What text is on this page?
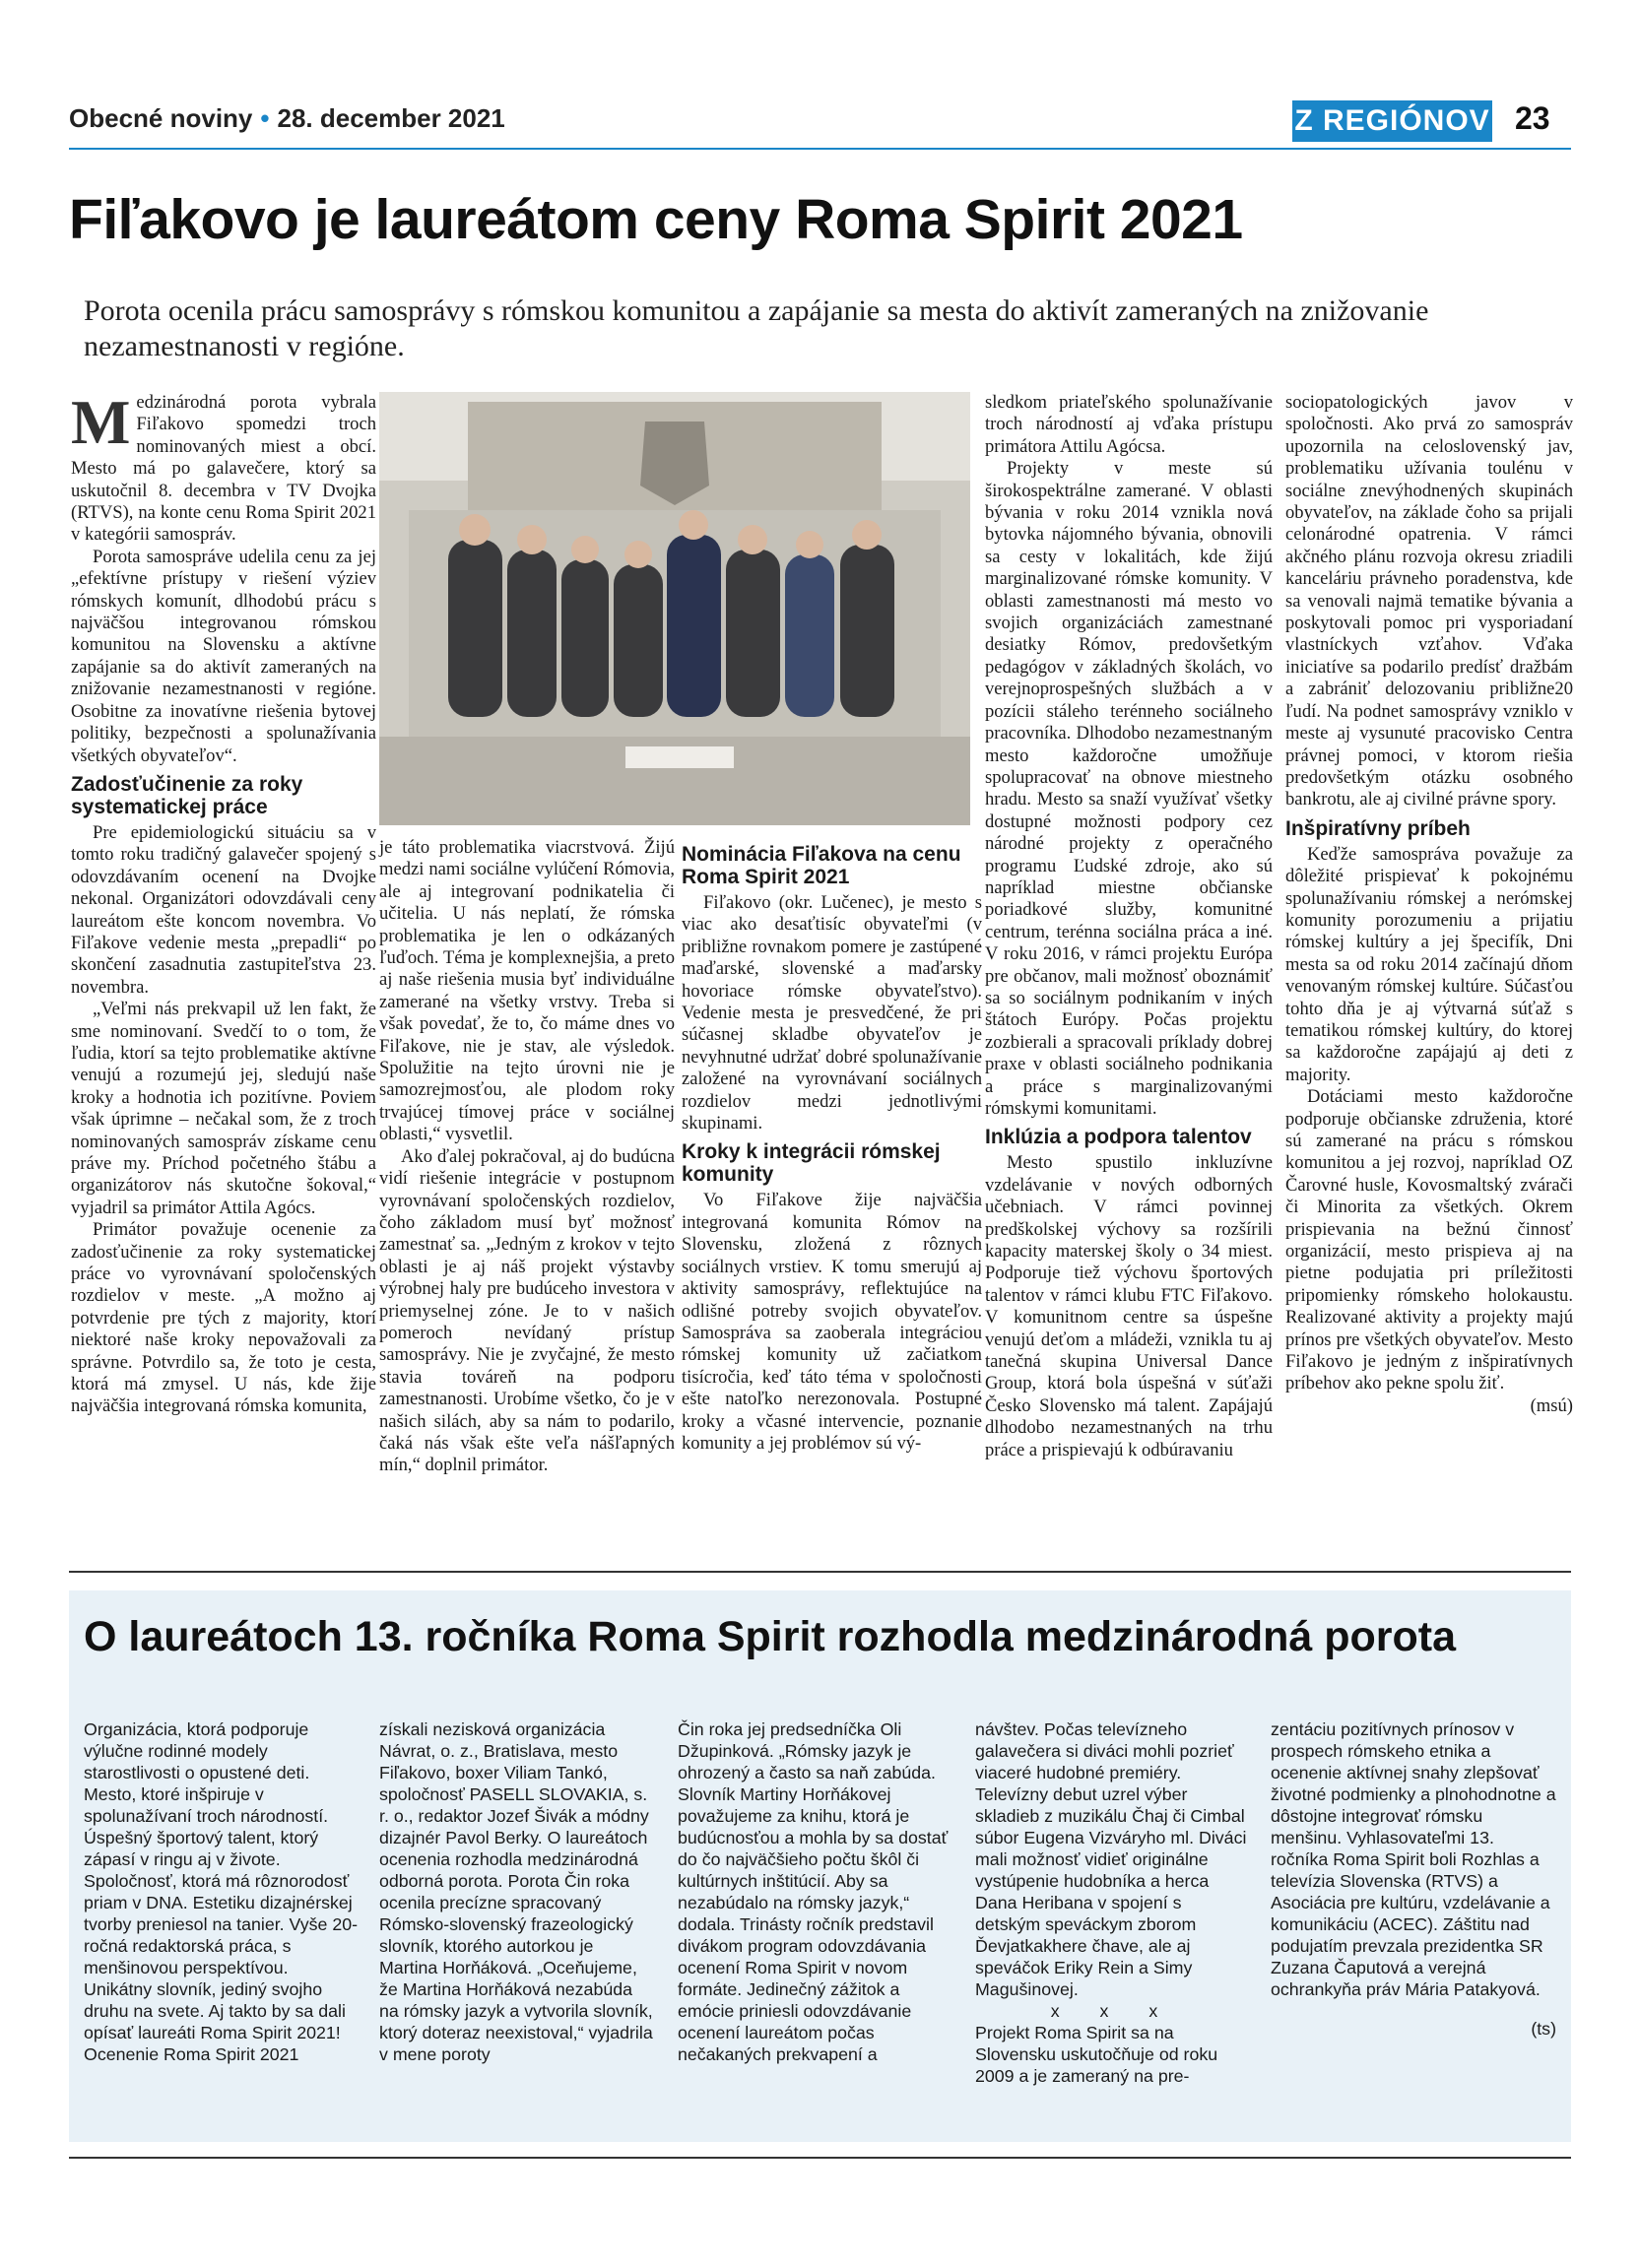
Obecné noviny • 28. december 2021	Z REGIÓNOV 23
Fiľakovo je laureátom ceny Roma Spirit 2021

Porota ocenila prácu samosprávy s rómskou komunitou a zapájanie sa mesta do aktivít zameraných na znižovanie nezamestnanosti v regióne.

Medzinárodná porota vybrala Fiľakovo spomedzi troch nominovaných miest a obcí. Mesto má po galavečere, ktorý sa uskutočnil 8. decembra v TV Dvojka (RTVS), na konte cenu Roma Spirit 2021 v kategórii samospráv.

Porota samospráve udelila cenu za jej „efektívne prístupy v riešení výziev rómskych komunít, dlhodobú prácu s najväčšou integrovanou rómskou komunitou na Slovensku a aktívne zapájanie sa do aktivít zameraných na znižovanie nezamestnanosti v regióne. Osobitne za inovatívne riešenia bytovej politiky, bezpečnosti a spolunažívania všetkých obyvateľov“.

Zadosťučinenie za roky systematickej práce

Pre epidemiologickú situáciu sa v tomto roku tradičný galavečer spojený s odovzdávaním ocenení na Dvojke nekonal. Organizátori odovzdávali ceny laureátom ešte koncom novembra. Vo Fiľakove vedenie mesta „prepadli“ po skončení zasadnutia zastupiteľstva 23. novembra.

„Veľmi nás prekvapil už len fakt, že sme nominovaní. Svedčí to o tom, že ľudia, ktorí sa tejto problematike aktívne venujú a rozumejú jej, sledujú naše kroky a hodnotia ich pozitívne. Poviem však úprimne – nečakal som, že z troch nominovaných samospráv získame cenu práve my. Príchod početného štábu a organizátorov nás skutočne šokoval,“ vyjadril sa primátor Attila Agócs.

Primátor považuje ocenenie za zadosťučinenie za roky systematickej práce vo vyrovnávaní spoločenských rozdielov v meste. „A možno aj potvrdenie pre tých z majority, ktorí niektoré naše kroky nepovažovali za správne. Potvrdilo sa, že toto je cesta, ktorá má zmysel. U nás, kde žije najväčšia integrovaná rómska komunita,

je táto problematika viacrstvová. Žijú medzi nami sociálne vylúčení Rómovia, ale aj integrovaní podnikatelia či učitelia. U nás neplatí, že rómska problematika je len o odkázaných ľuďoch. Téma je komplexnejšia, a preto aj naše riešenia musia byť individuálne zamerané na všetky vrstvy. Treba si však povedať, že to, čo máme dnes vo Fiľakove, nie je stav, ale výsledok. Spolužitie na tejto úrovni nie je samozrejmosťou, ale plodom roky trvajúcej tímovej práce v sociálnej oblasti,“ vysvetlil.

Ako ďalej pokračoval, aj do budúcna vidí riešenie integrácie v postupnom vyrovnávaní spoločenských rozdielov, čoho základom musí byť možnosť zamestnať sa. „Jedným z krokov v tejto oblasti je aj náš projekt výstavby výrobnej haly pre budúceho investora v priemyselnej zóne. Je to v našich pomeroch nevídaný prístup samosprávy. Nie je zvyčajné, že mesto stavia továreň na podporu zamestnanosti. Urobíme všetko, čo je v našich silách, aby sa nám to podarilo, čaká nás však ešte veľa nášľapných mín,“ doplnil primátor.

Nominácia Fiľakova na cenu Roma Spirit 2021

Fiľakovo (okr. Lučenec), je mesto s viac ako desaťtisíc obyvateľmi (v približne rovnakom pomere je zastúpené maďarské, slovenské a maďarsky hovoriace rómske obyvateľstvo). Vedenie mesta je presvedčené, že pri súčasnej skladbe obyvateľov je nevyhnutné udržať dobré spolunažívanie založené na vyrovnávaní sociálnych rozdielov medzi jednotlivými skupinami.

Kroky k integrácii rómskej komunity

Vo Fiľakove žije najväčšia integrovaná komunita Rómov na Slovensku, zložená z rôznych sociálnych vrstiev. K tomu smerujú aj aktivity samosprávy, reflektujúce na odlišné potreby svojich obyvateľov. Samospráva sa zaoberala integráciou rómskej komunity už začiatkom tisícročia, keď táto téma v spoločnosti ešte natoľko nerezonovala. Postupné kroky a včasné intervencie, poznanie komunity a jej problémov sú vý-

sledkom priateľského spolunažívanie troch národností aj vďaka prístupu primátora Attilu Agócsa.

Projekty v meste sú širokospektrálne zamerané. V oblasti bývania v roku 2014 vznikla nová bytovka nájomného bývania, obnovili sa cesty v lokalitách, kde žijú marginalizované rómske komunity. V oblasti zamestnanosti má mesto vo svojich organizáciách zamestnané desiatky Rómov, predovšetkým pedagógov v základných školách, vo verejnoprospešných službách a v pozícii stáleho terénneho sociálneho pracovníka. Dlhodobo nezamestnaným mesto každoročne umožňuje spolupracovať na obnove miestneho hradu. Mesto sa snaží využívať všetky dostupné možnosti podpory cez národné projekty z operačného programu Ľudské zdroje, ako sú napríklad miestne občianske poriadkové služby, komunitné centrum, terénna sociálna práca a iné. V roku 2016, v rámci projektu Európa pre občanov, mali možnosť oboznámiť sa so sociálnym podnikaním v iných štátoch Európy. Počas projektu zozbierali a spracovali príklady dobrej praxe v oblasti sociálneho podnikania a práce s marginalizovanými rómskymi komunitami.

Inklúzia a podpora talentov

Mesto spustilo inkluzívne vzdelávanie v nových odborných učebniach. V rámci povinnej predškolskej výchovy sa rozšírili kapacity materskej školy o 34 miest. Podporuje tiež výchovu športových talentov v rámci klubu FTC Fiľakovo. V komunitnom centre sa úspešne venujú deťom a mládeži, vznikla tu aj tanečná skupina Universal Dance Group, ktorá bola úspešná v súťaži Česko Slovensko má talent. Zapájajú dlhodobo nezamestnaných na trhu práce a prispievajú k odbúravaniu

sociopatologických javov v spoločnosti. Ako prvá zo samospráv upozornila na celoslovenský jav, problematiku užívania toulénu v sociálne znevýhodnených skupinách obyvateľov, na základe čoho sa prijali celonárodné opatrenia. V rámci akčného plánu rozvoja okresu zriadili kanceláriu právneho poradenstva, kde sa venovali najmä tematike bývania a poskytovali pomoc pri vysporiadaní vlastníckych vzťahov. Vďaka iniciatíve sa podarilo predísť dražbám a zabrániť delozovaniu približne20 ľudí. Na podnet samosprávy vzniklo v meste aj vysunuté pracovisko Centra právnej pomoci, v ktorom riešia predovšetkým otázku osobného bankrotu, ale aj civilné právne spory.

Inšpiratívny príbeh

Keďže samospráva považuje za dôležité prispievať k pokojnému spolunažívaniu rómskej a nerómskej komunity porozumeniu a prijatiu rómskej kultúry a jej špecifík, Dni mesta sa od roku 2014 začínajú dňom venovaným rómskej kultúre. Súčasťou tohto dňa je aj výtvarná súťaž s tematikou rómskej kultúry, do ktorej sa každoročne zapájajú aj deti z majority.

Dotáciami mesto každoročne podporuje občianske združenia, ktoré sú zamerané na prácu s rómskou komunitou a jej rozvoj, napríklad OZ Čarovné husle, Kovosmaltský zvárači či Minorita za všetkých. Okrem prispievania na bežnú činnosť organizácií, mesto prispieva aj na pietne podujatia pri príležitosti pripomienky rómskeho holokaustu. Realizované aktivity a projekty majú prínos pre všetkých obyvateľov. Mesto Fiľakovo je jedným z inšpiratívnych príbehov ako pekne spolu žiť.

(msú)

O laureátoch 13. ročníka Roma Spirit rozhodla medzinárodná porota

Organizácia, ktorá podporuje výlučne rodinné modely starostlivosti o opustené deti. Mesto, ktoré inšpiruje v spolunažívaní troch národností. Úspešný športový talent, ktorý zápasí v ringu aj v živote. Spoločnosť, ktorá má rôznorodosť priam v DNA. Estetiku dizajnérskej tvorby preniesol na tanier. Vyše 20-ročná redaktorská práca, s menšinovou perspektívou. Unikátny slovník, jediný svojho druhu na svete. Aj takto by sa dali opísať laureáti Roma Spirit 2021! Ocenenie Roma Spirit 2021

získali nezisková organizácia Návrat, o. z., Bratislava, mesto Fiľakovo, boxer Viliam Tankó, spoločnosť PASELL SLOVAKIA, s. r. o., redaktor Jozef Šivák a módny dizajnér Pavol Berky. O laureátoch ocenenia rozhodla medzinárodná odborná porota. Porota Čin roka ocenila precízne spracovaný Rómsko-slovenský frazeologický slovník, ktorého autorkou je Martina Horňáková. „Oceňujeme, že Martina Horňáková nezabúda na rómsky jazyk a vytvorila slovník, ktorý doteraz neexistoval,“ vyjadrila v mene poroty

Čin roka jej predsedníčka Oli Džupinková. „Rómsky jazyk je ohrozený a často sa naň zabúda. Slovník Martiny Horňákovej považujeme za knihu, ktorá je budúcnosťou a mohla by sa dostať do čo najväčšieho počtu škôl či kultúrnych inštitúcií. Aby sa nezabúdalo na rómsky jazyk,“ dodala. Trinásty ročník predstavil divákom program odovzdávania ocenení Roma Spirit v novom formáte. Jedinečný zážitok a emócie priniesli odovzdávanie ocenení laureátom počas nečakaných prekvapení a

návštev. Počas televízneho galavečera si diváci mohli pozrieť viaceré hudobné premiéry. Televízny debut uzrel výber skladieb z muzikálu Čhaj či Cimbal súbor Eugena Vizváryho ml. Diváci mali možnosť vidieť originálne vystúpenie hudobníka a herca Dana Heribana v spojení s detským speváckym zborom Ďevjatkakhere čhave, ale aj speváčok Eriky Rein a Simy Magušinovej.

x x x

Projekt Roma Spirit sa na Slovensku uskutočňuje od roku 2009 a je zameraný na pre-

zentáciu pozitívnych prínosov v prospech rómskeho etnika a ocenenie aktívnej snahy zlepšovať životné podmienky a plnohodnotne a dôstojne integrovať rómsku menšinu. Vyhlasovateľmi 13. ročníka Roma Spirit boli Rozhlas a televízia Slovenska (RTVS) a Asociácia pre kultúru, vzdelávanie a komunikáciu (ACEC). Záštitu nad podujatím prevzala prezidentka SR Zuzana Čaputová a verejná ochrankyňa práv Mária Patakyová.

(ts)
